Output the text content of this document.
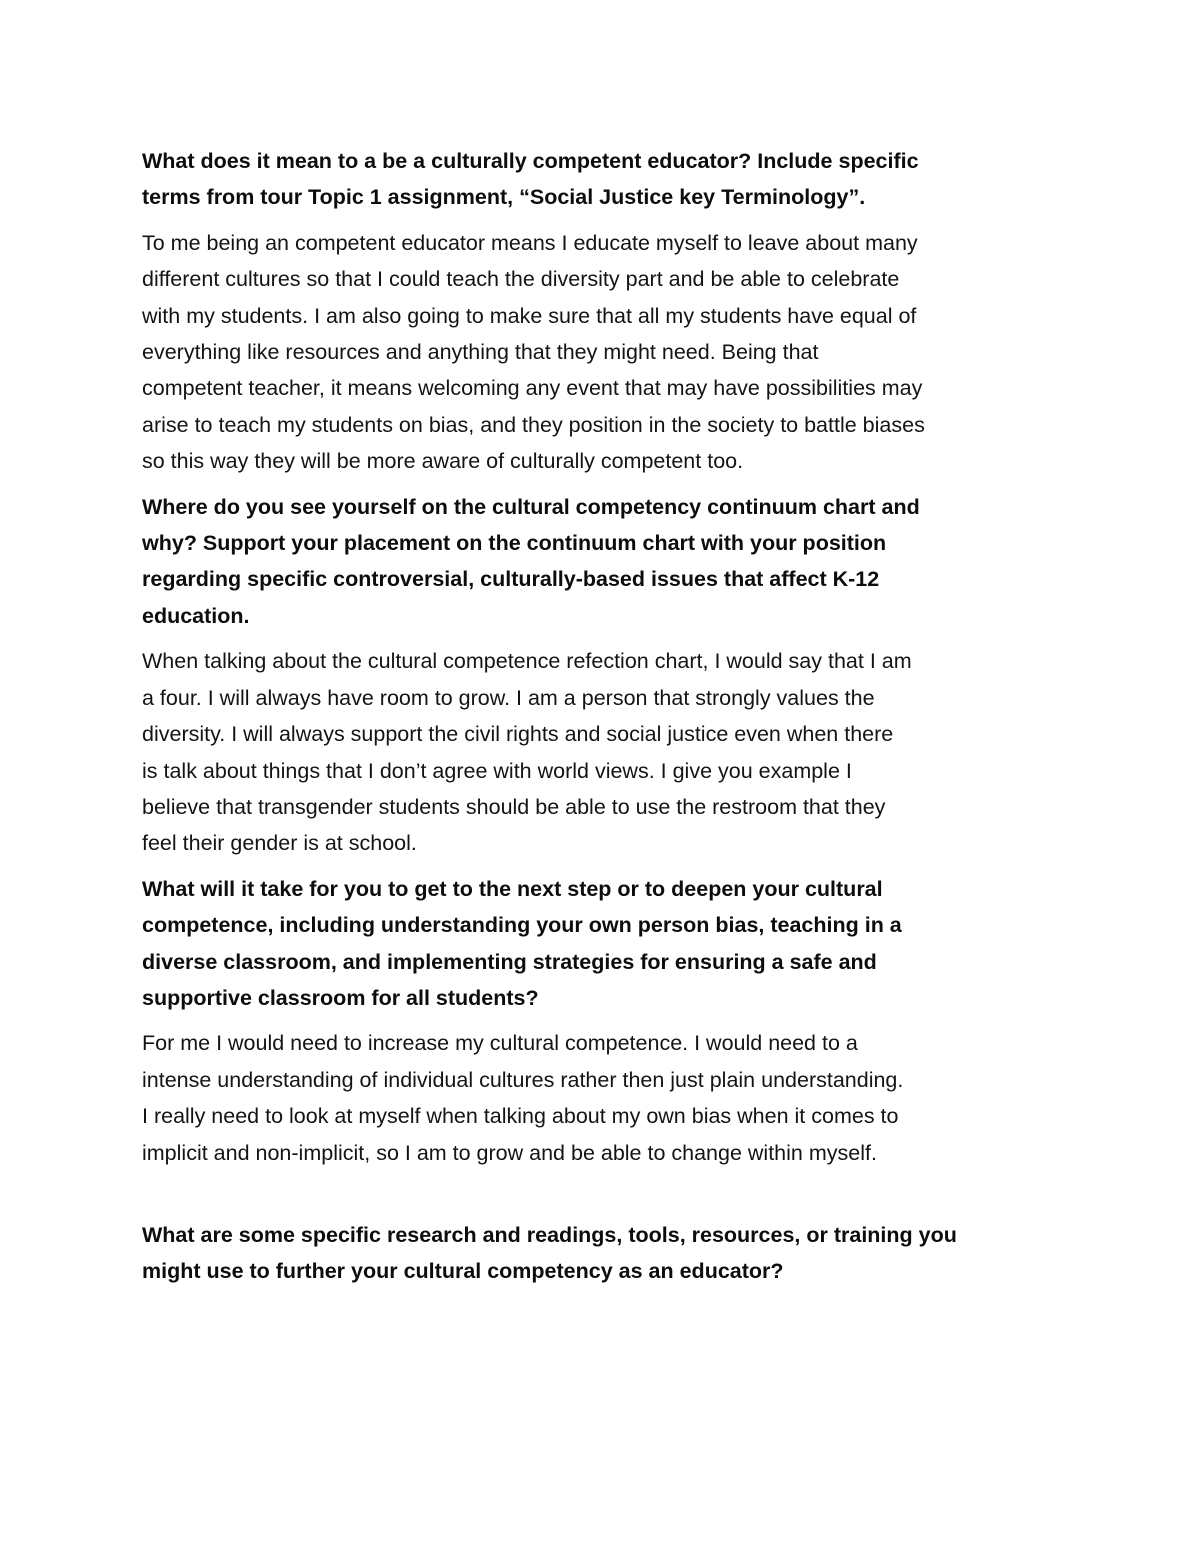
What does it mean to a be a culturally competent educator? Include specific
terms from tour Topic 1 assignment, “Social Justice key Terminology”.
To me being an competent educator means I educate myself to leave about many
different cultures so that I could teach the diversity part and be able to celebrate
with my students. I am also going to make sure that all my students have equal of
everything like resources and anything that they might need. Being that
competent teacher, it means welcoming any event that may have possibilities may
arise to teach my students on bias, and they position in the society to battle biases
so this way they will be more aware of culturally competent too.
Where do you see yourself on the cultural competency continuum chart and
why? Support your placement on the continuum chart with your position
regarding specific controversial, culturally-based issues that affect K-12
education.
When talking about the cultural competence refection chart, I would say that I am
a four. I will always have room to grow. I am a person that strongly values the
diversity. I will always support the civil rights and social justice even when there
is talk about things that I don’t agree with world views. I give you example I
believe that transgender students should be able to use the restroom that they
feel their gender is at school.
What will it take for you to get to the next step or to deepen your cultural
competence, including understanding your own person bias, teaching in a
diverse classroom, and implementing strategies for ensuring a safe and
supportive classroom for all students?
For me I would need to increase my cultural competence. I would need to a
intense understanding of individual cultures rather then just plain understanding.
I really need to look at myself when talking about my own bias when it comes to
implicit and non-implicit, so I am to grow and be able to change within myself.
What are some specific research and readings, tools, resources, or training you
might use to further your cultural competency as an educator?
